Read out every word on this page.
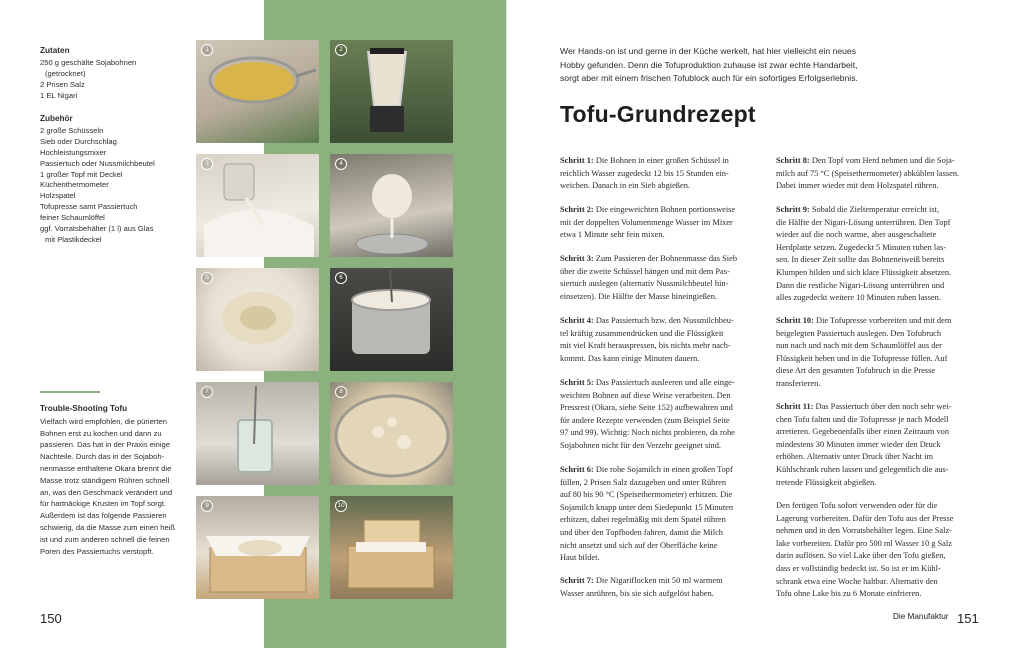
Zutaten
250 g geschälte Sojabohnen
(getrocknet)
2 Prisen Salz
1 EL Nigari
Zubehör
2 große Schüsseln
Sieb oder Durchschlag
Hochleistungsmixer
Passiertuch oder Nussmilchbeutel
1 großer Topf mit Deckel
Küchenthermometer
Holzspatel
Tofupresse samt Passiertuch
feiner Schaumlöffel
ggf. Vorratsbehälter (1 l) aus Glas
mit Plastikdeckel
Trouble-Shooting Tofu
Vielfach wird empfohlen, die pürierten
Bohnen erst zu kochen und dann zu
passieren. Das hat in der Praxis einige
Nachteile. Durch das in der Sojaboh-
nenmasse enthaltene Okara brennt die
Masse trotz ständigem Rühren schnell
an, was den Geschmack verändert und
für hartnäckige Krusten im Topf sorgt.
Außerdem ist das folgende Passieren
schwierig, da die Masse zum einen heiß
ist und zum anderen schnell die feinen
Poren des Passiertuchs verstopft.
1	2
3	4
5	6
7	8
9	10
150
Wer Hands-on ist und gerne in der Küche werkelt, hat hier vielleicht ein neues
Hobby gefunden. Denn die Tofuproduktion zuhause ist zwar echte Handarbeit,
sorgt aber mit einem frischen Tofublock auch für ein sofortiges Erfolgserlebnis.
Tofu-Grundrezept
Schritt 1: Die Bohnen in einer großen Schüssel in
reichlich Wasser zugedeckt 12 bis 15 Stunden ein-
weichen. Danach in ein Sieb abgießen.
Schritt 2: Die eingeweichten Bohnen portionsweise
mit der doppelten Volumenmenge Wasser im Mixer
etwa 1 Minute sehr fein mixen.
Schritt 3: Zum Passieren der Bohnenmasse das Sieb
über die zweite Schüssel hängen und mit dem Pas-
siertuch auslegen (alternativ Nussmilchbeutel hin-
einsetzen). Die Hälfte der Masse hineingießen.
Schritt 4: Das Passiertuch bzw. den Nussmilchbeu-
tel kräftig zusammendrücken und die Flüssigkeit
mit viel Kraft herauspressen, bis nichts mehr nach-
kommt. Das kann einige Minuten dauern.
Schritt 5: Das Passiertuch ausleeren und alle einge-
weichten Bohnen auf diese Weise verarbeiten. Den
Pressrest (Okara, siehe Seite 152) aufbewahren und
für andere Rezepte verwenden (zum Beispiel Seite
97 und 99). Wichtig: Noch nichts probieren, da rohe
Sojabohnen nicht für den Verzehr geeignet sind.
Schritt 6: Die rohe Sojamilch in einen großen Topf
füllen, 2 Prisen Salz dazugeben und unter Rühren
auf 80 bis 90 °C (Speisethermometer) erhitzen. Die
Sojamilch knapp unter dem Siedepunkt 15 Minuten
erhitzen, dabei regelmäßig mit dem Spatel rühren
und über den Topfboden fahren, damit die Milch
nicht ansetzt und sich auf der Oberfläche keine
Haut bildet.
Schritt 7: Die Nigariflocken mit 50 ml warmem
Wasser anrühren, bis sie sich aufgelöst haben.
Schritt 8: Den Topf vom Herd nehmen und die Soja-
milch auf 75 °C (Speisethermometer) abkühlen lassen.
Dabei immer wieder mit dem Holzspatel rühren.
Schritt 9: Sobald die Zieltemperatur erreicht ist,
die Hälfte der Nigari-Lösung unterrühren. Den Topf
wieder auf die noch warme, aber ausgeschaltete
Herdplatte setzen. Zugedeckt 5 Minuten ruhen las-
sen. In dieser Zeit sollte das Bohneneiweiß bereits
Klumpen bilden und sich klare Flüssigkeit absetzen.
Dann die restliche Nigari-Lösung unterrühren und
alles zugedeckt weitere 10 Minuten ruhen lassen.
Schritt 10: Die Tofupresse vorbereiten und mit dem
beigelegten Passiertuch auslegen. Den Tofubruch
nun nach und nach mit dem Schaumlöffel aus der
Flüssigkeit heben und in die Tofupresse füllen. Auf
diese Art den gesamten Tofubruch in die Presse
transferieren.
Schritt 11: Das Passiertuch über den noch sehr wei-
chen Tofu falten und die Tofupresse je nach Modell
arretieren. Gegebenenfalls über einen Zeitraum von
mindestens 30 Minuten immer wieder den Druck
erhöhen. Alternativ unter Druck über Nacht im
Kühlschrank ruhen lassen und gelegentlich die aus-
tretende Flüssigkeit abgießen.
Den fertigen Tofu sofort verwenden oder für die
Lagerung vorbereiten. Dafür den Tofu aus der Presse
nehmen und in den Vorratsbehälter legen. Eine Salz-
lake vorbereiten. Dafür pro 500 ml Wasser 10 g Salz
darin auflösen. So viel Lake über den Tofu gießen,
dass er vollständig bedeckt ist. So ist er im Kühl-
schrank etwa eine Woche haltbar. Alternativ den
Tofu ohne Lake bis zu 6 Monate einfrieren.
Die Manufaktur 151
